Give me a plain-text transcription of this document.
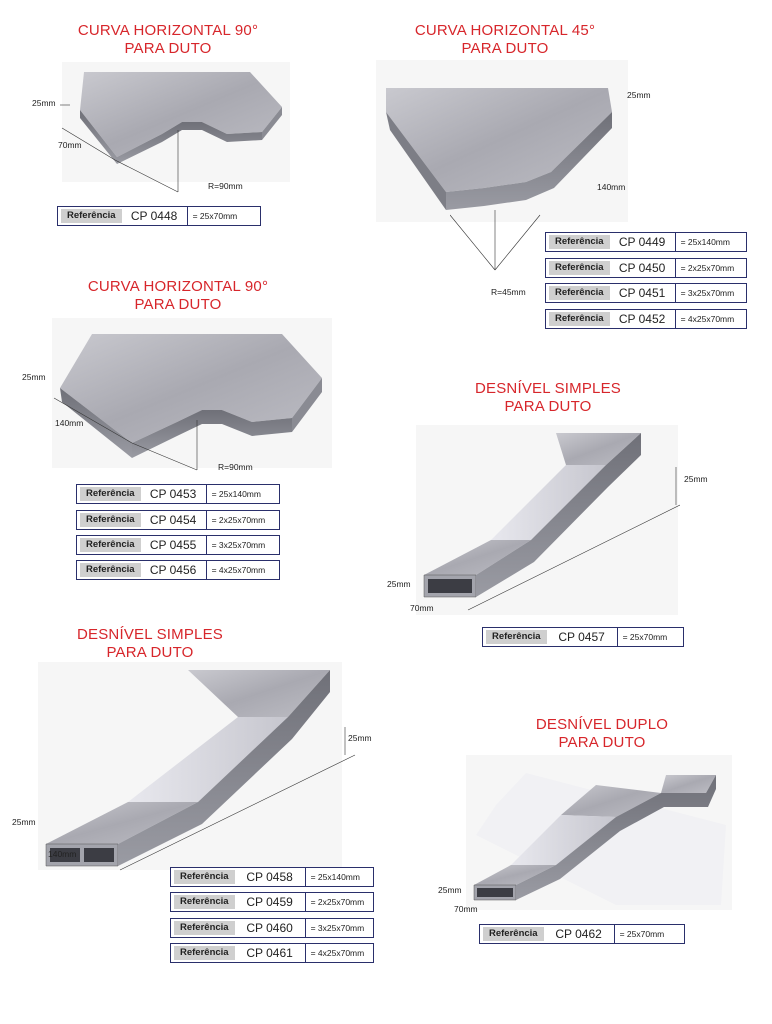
CURVA HORIZONTAL 90°
PARA DUTO
25mm
70mm
R=90mm
Referência	CP 0448	= 25x70mm
CURVA HORIZONTAL 45°
PARA DUTO
25mm
140mm
R=45mm
Referência	CP 0449	= 25x140mm
Referência	CP 0450	= 2x25x70mm
Referência	CP 0451	= 3x25x70mm
Referência	CP 0452	= 4x25x70mm
CURVA HORIZONTAL 90°
PARA DUTO
25mm
140mm
R=90mm
Referência	CP 0453	= 25x140mm
Referência	CP 0454	= 2x25x70mm
Referência	CP 0455	= 3x25x70mm
Referência	CP 0456	= 4x25x70mm
DESNÍVEL SIMPLES
PARA DUTO
25mm
25mm
70mm
Referência	CP 0457	= 25x70mm
DESNÍVEL SIMPLES
PARA DUTO
25mm
25mm
140mm
Referência	CP 0458	= 25x140mm
Referência	CP 0459	= 2x25x70mm
Referência	CP 0460	= 3x25x70mm
Referência	CP 0461	= 4x25x70mm
DESNÍVEL DUPLO
PARA DUTO
25mm
70mm
Referência	CP 0462	= 25x70mm
